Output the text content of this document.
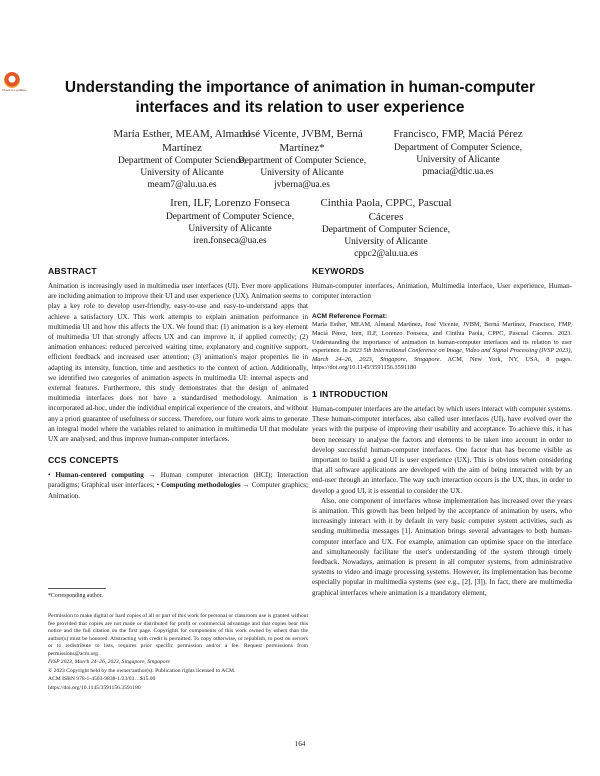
Check for updates	Understanding the importance of animation in human-computer
interfaces and its relation to user experience
María Esther, MEAM, Almaral
Martínez
Department of Computer Science,
University of Alicante
meam7@alu.ua.es
José Vicente, JVBM, Berná
Martínez*
Department of Computer Science,
University of Alicante
jvberna@ua.es
Francisco, FMP, Maciá Pérez
Department of Computer Science,
University of Alicante
pmacia@dtic.ua.es
Iren, ILF, Lorenzo Fonseca
Department of Computer Science,
University of Alicante
iren.fonseca@ua.es
Cinthia Paola, CPPC, Pascual
Cáceres
Department of Computer Science,
University of Alicante
cppc2@alu.ua.es
ABSTRACT

Animation is increasingly used in multimedia user interfaces (UI). Ever more applications are including animation to improve their UI and user experience (UX). Animation seems to play a key role to develop user-friendly, easy-to-use and easy-to-understand apps that achieve a satisfactory UX. This work attempts to explain animation performance in multimedia UI and how this affects the UX. We found that: (1) animation is a key element of multimedia UI that strongly affects UX and can improve it, if applied correctly; (2) animation enhances: reduced perceived waiting time, explanatory and cognitive support, efficient feedback and increased user attention; (3) animation's major properties lie in adapting its intensity, function, time and aesthetics to the context of action. Additionally, we identified two categories of animation aspects in multimedia UI: internal aspects and external features. Furthermore, this study demonstrates that the design of animated multimedia interfaces does not have a standardised methodology. Animation is incorporated ad-hoc, under the individual empirical experience of the creators, and without any a priori guarantee of usefulness or success. Therefore, our future work aims to generate an integral model where the variables related to animation in multimedia UI that modulate UX are analysed, and thus improve human-computer interfaces.

CCS CONCEPTS

• Human-centered computing → Human computer interaction (HCI); Interaction paradigms; Graphical user interfaces; • Computing methodologies → Computer graphics; Animation.

*Corresponding author.
Permission to make digital or hard copies of all or part of this work for personal or classroom use is granted without fee provided that copies are not made or distributed for profit or commercial advantage and that copies bear this notice and the full citation on the first page. Copyrights for components of this work owned by others than the author(s) must be honored. Abstracting with credit is permitted. To copy otherwise, or republish, to post on servers or to redistribute to lists, requires prior specific permission and/or a fee. Request permissions from permissions@acm.org.
IVSP 2023, March 24–26, 2023, Singapore, Singapore
© 2023 Copyright held by the owner/author(s). Publication rights licensed to ACM.
ACM ISBN 978-1-4503-9838-1/23/03…$15.00
https://doi.org/10.1145/3591156.3591180
KEYWORDS

Human-computer interfaces, Animation, Multimedia interface, User experience, Human-computer interaction

ACM Reference Format:

María Esther, MEAM, Almaral Martínez, José Vicente, JVBM, Berná Martínez, Francisco, FMP, Maciá Pérez, Iren, ILF, Lorenzo Fonseca, and Cinthia Paola, CPPC, Pascual Cáceres. 2023. Understanding the importance of animation in human-computer interfaces and its relation to user experience. In 2023 5th International Conference on Image, Video and Signal Processing (IVSP 2023), March 24–26, 2023, Singapore, Singapore. ACM, New York, NY, USA, 8 pages. https://doi.org/10.1145/3591156.3591180

1 INTRODUCTION

Human-computer interfaces are the artefact by which users interact with computer systems. These human-computer interfaces, also called user interfaces (UI), have evolved over the years with the purpose of improving their usability and acceptance. To achieve this, it has been necessary to analyse the factors and elements to be taken into account in order to develop successful human-computer interfaces. One factor that has become visible as important to build a good UI is user experience (UX). This is obvious when considering that all software applications are developed with the aim of being interacted with by an end-user through an interface. The way such interaction occurs is the UX, thus, in order to develop a good UI, it is essential to consider the UX.

Also, one component of interfaces whose implementation has increased over the years is animation. This growth has been helped by the acceptance of animation by users, who increasingly interact with it by default in very basic computer system activities, such as sending multimedia messages [1]. Animation brings several advantages to both human-computer interface and UX. For example, animation can optimise space on the interface and simultaneously facilitate the user's understanding of the system through timely feedback. Nowadays, animation is present in all computer systems, from administrative systems to video and image processing systems. However, its implementation has become especially popular in multimedia systems (see e.g., [2], [3]). In fact, there are multimedia graphical interfaces where animation is a mandatory element,

164
